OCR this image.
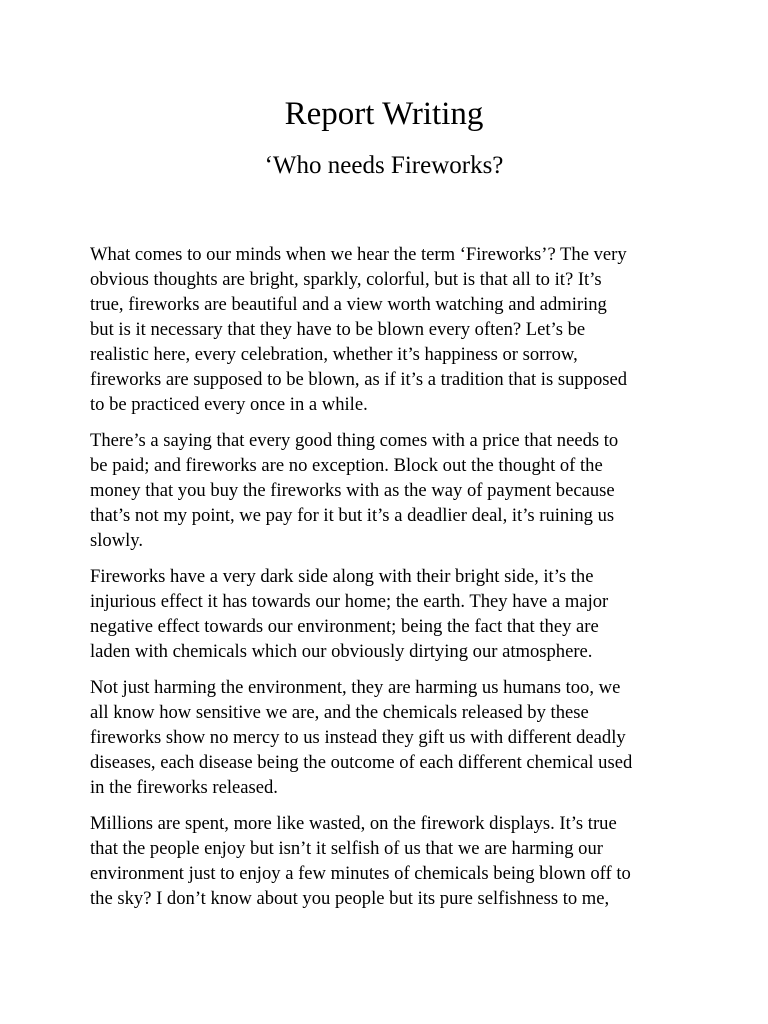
Report Writing
‘Who needs Fireworks?

What comes to our minds when we hear the term ‘Fireworks’? The very
obvious thoughts are bright, sparkly, colorful, but is that all to it? It’s
true, fireworks are beautiful and a view worth watching and admiring
but is it necessary that they have to be blown every often? Let’s be
realistic here, every celebration, whether it’s happiness or sorrow,
fireworks are supposed to be blown, as if it’s a tradition that is supposed
to be practiced every once in a while.

There’s a saying that every good thing comes with a price that needs to
be paid; and fireworks are no exception. Block out the thought of the
money that you buy the fireworks with as the way of payment because
that’s not my point, we pay for it but it’s a deadlier deal, it’s ruining us
slowly.

Fireworks have a very dark side along with their bright side, it’s the
injurious effect it has towards our home; the earth. They have a major
negative effect towards our environment; being the fact that they are
laden with chemicals which our obviously dirtying our atmosphere.

Not just harming the environment, they are harming us humans too, we
all know how sensitive we are, and the chemicals released by these
fireworks show no mercy to us instead they gift us with different deadly
diseases, each disease being the outcome of each different chemical used
in the fireworks released.

Millions are spent, more like wasted, on the firework displays. It’s true
that the people enjoy but isn’t it selfish of us that we are harming our
environment just to enjoy a few minutes of chemicals being blown off to
the sky? I don’t know about you people but its pure selfishness to me,
